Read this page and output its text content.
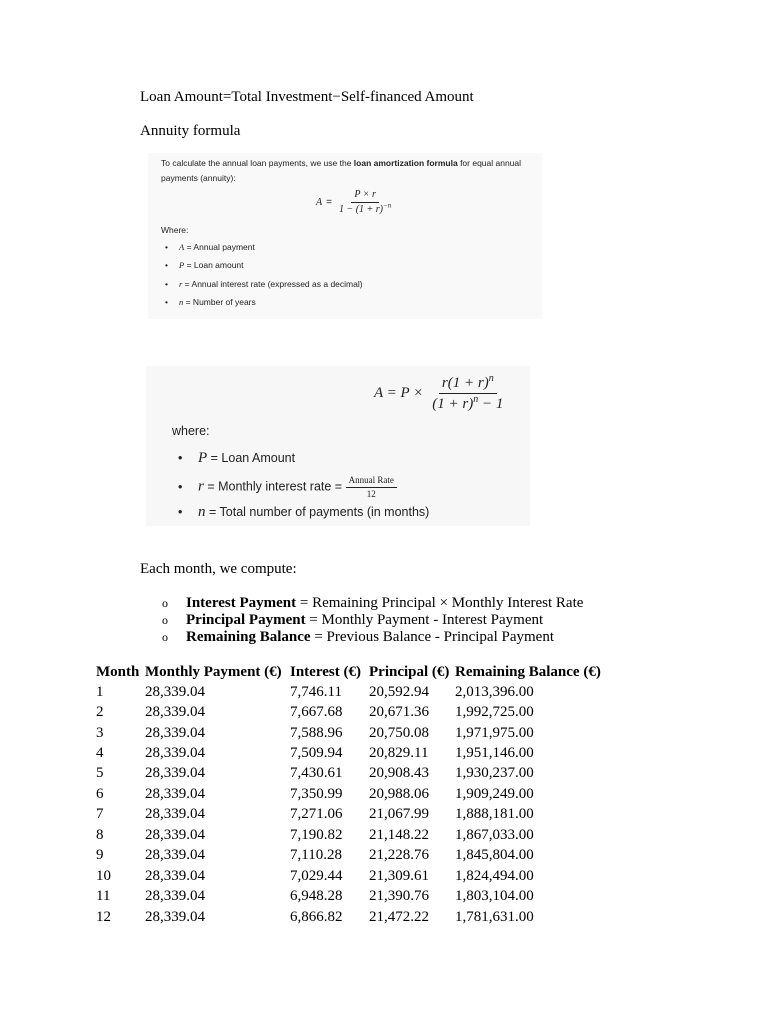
Loan Amount=Total Investment−Self-financed Amount
Annuity formula
To calculate the annual loan payments, we use the loan amortization formula for equal annual
payments (annuity):
$A = \frac{P \times r}{1 - (1 + r)^{-n}}$
Where:
• A = Annual payment
• P = Loan amount
• r = Annual interest rate (expressed as a decimal)
• n = Number of years
$A = P \times \frac{r(1 + r)^n}{(1 + r)^n - 1}$
where:
• P = Loan Amount
• r = Monthly interest rate = $\frac{\text{Annual Rate}}{12}$
• n = Total number of payments (in months)
Each month, we compute:
o Interest Payment = Remaining Principal × Monthly Interest Rate
o Principal Payment = Monthly Payment - Interest Payment
o Remaining Balance = Previous Balance - Principal Payment
Month	Monthly Payment (€)	Interest (€)	Principal (€)	Remaining Balance (€)
1	28,339.04	7,746.11	20,592.94	2,013,396.00
2	28,339.04	7,667.68	20,671.36	1,992,725.00
3	28,339.04	7,588.96	20,750.08	1,971,975.00
4	28,339.04	7,509.94	20,829.11	1,951,146.00
5	28,339.04	7,430.61	20,908.43	1,930,237.00
6	28,339.04	7,350.99	20,988.06	1,909,249.00
7	28,339.04	7,271.06	21,067.99	1,888,181.00
8	28,339.04	7,190.82	21,148.22	1,867,033.00
9	28,339.04	7,110.28	21,228.76	1,845,804.00
10	28,339.04	7,029.44	21,309.61	1,824,494.00
11	28,339.04	6,948.28	21,390.76	1,803,104.00
12	28,339.04	6,866.82	21,472.22	1,781,631.00
